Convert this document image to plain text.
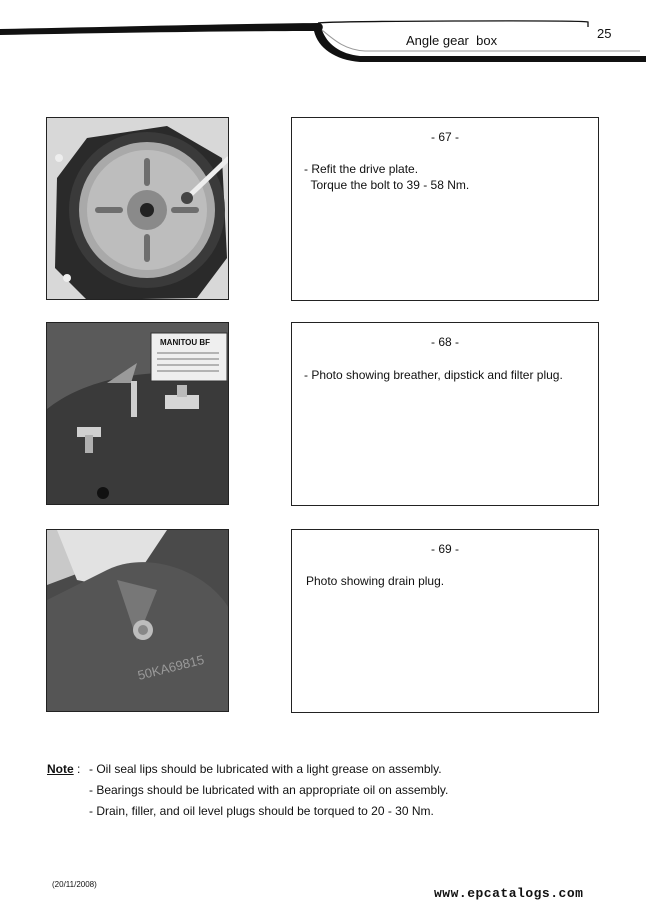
Angle gear  box	25
- 67 -
- Refit the drive plate.
Torque the bolt to 39 - 58 Nm.
MANITOU BF	- 68 -
- Photo showing breather, dipstick and filter plug.
50KA69815
- 69 -
Photo showing drain plug.
Note : - Oil seal lips should be lubricated with a light grease on assembly.
- Bearings should be lubricated with an appropriate oil on assembly.
- Drain, filler, and oil level plugs should be torqued to 20 - 30 Nm.
(20/11/2008)
www.epcatalogs.com
